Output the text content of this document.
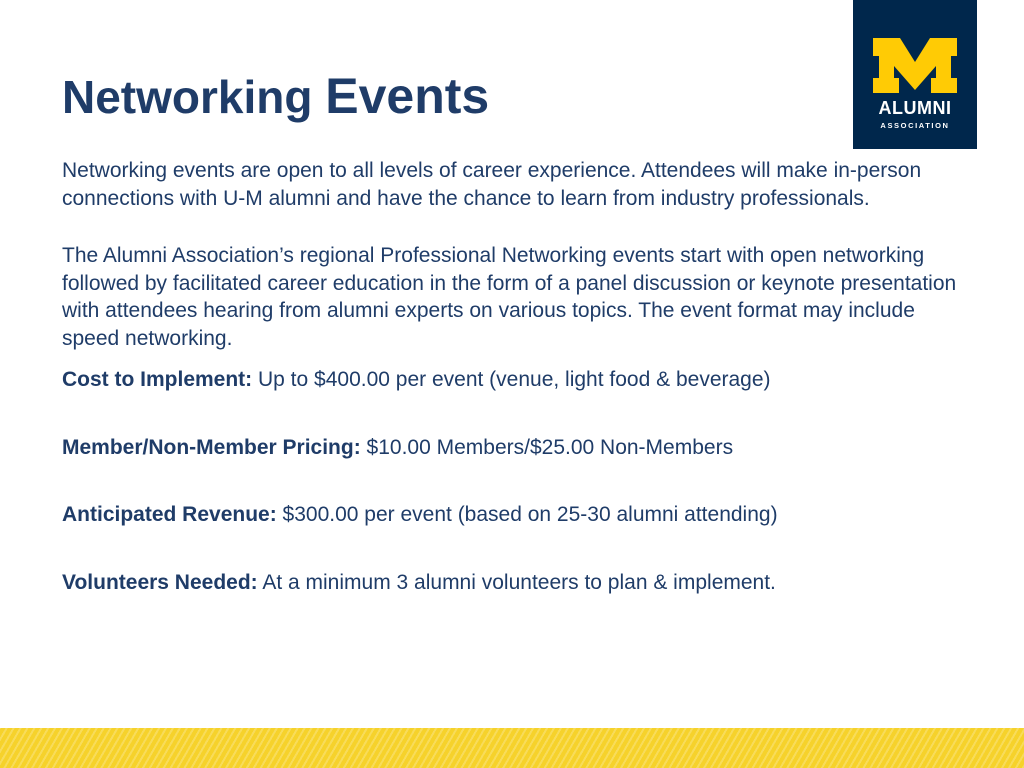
Networking Events	ALUMNI
ASSOCIATION

Networking events are open to all levels of career experience. Attendees will make in-person connections with U-M alumni and have the chance to learn from industry professionals.

The Alumni Association’s regional Professional Networking events start with open networking followed by facilitated career education in the form of a panel discussion or keynote presentation with attendees hearing from alumni experts on various topics. The event format may include speed networking.

Cost to Implement: Up to $400.00 per event (venue, light food & beverage)

Member/Non-Member Pricing: $10.00 Members/$25.00 Non-Members

Anticipated Revenue: $300.00 per event (based on 25-30 alumni attending)

Volunteers Needed: At a minimum 3 alumni volunteers to plan & implement.
